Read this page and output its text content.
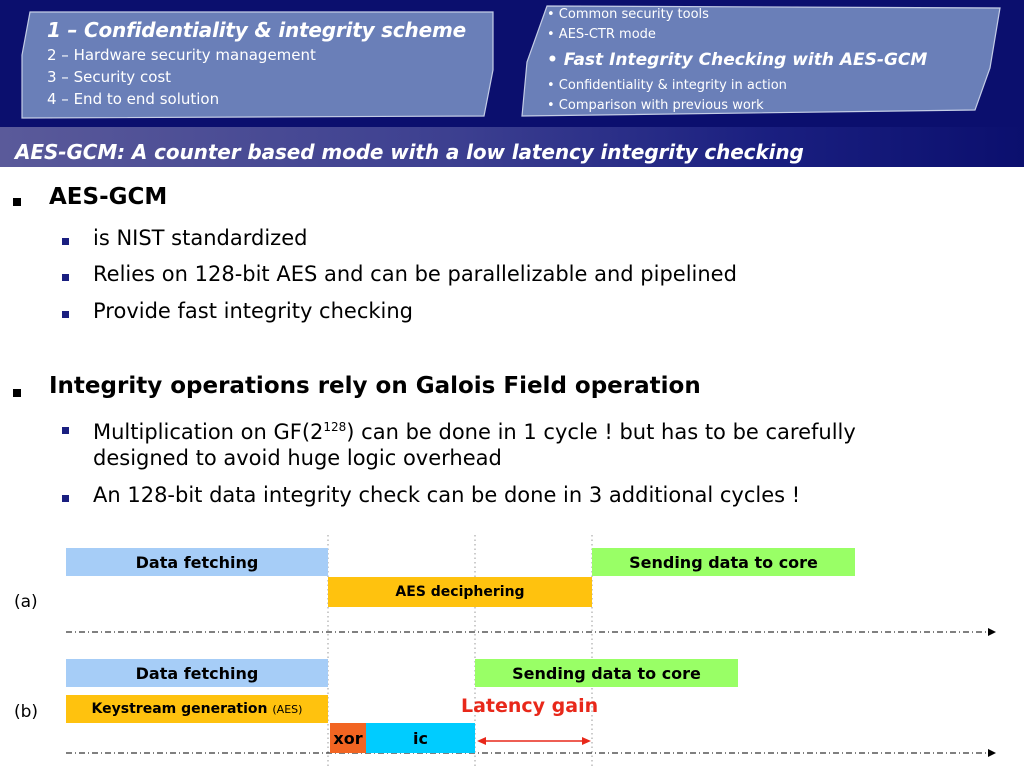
1 – Confidentiality & integrity scheme
2 – Hardware security management
3 – Security cost
4 – End to end solution
• Common security tools
• AES-CTR mode
• Fast Integrity Checking with AES-GCM
• Confidentiality & integrity in action
• Comparison with previous work
AES-GCM: A counter based mode with a low latency integrity checking
AES-GCM
is NIST standardized
Relies on 128-bit AES and can be parallelizable and pipelined
Provide fast integrity checking
Integrity operations rely on Galois Field operation
Multiplication on $GF(2^{128})$ can be done in 1 cycle ! but has to be carefully
designed to avoid huge logic overhead
An 128-bit data integrity check can be done in 3 additional cycles !
(a)
Data fetching
AES deciphering
Sending data to core
(b)
Data fetching	Sending data to core
Keystream generation
(AES)
xor	ic
Latency gain
